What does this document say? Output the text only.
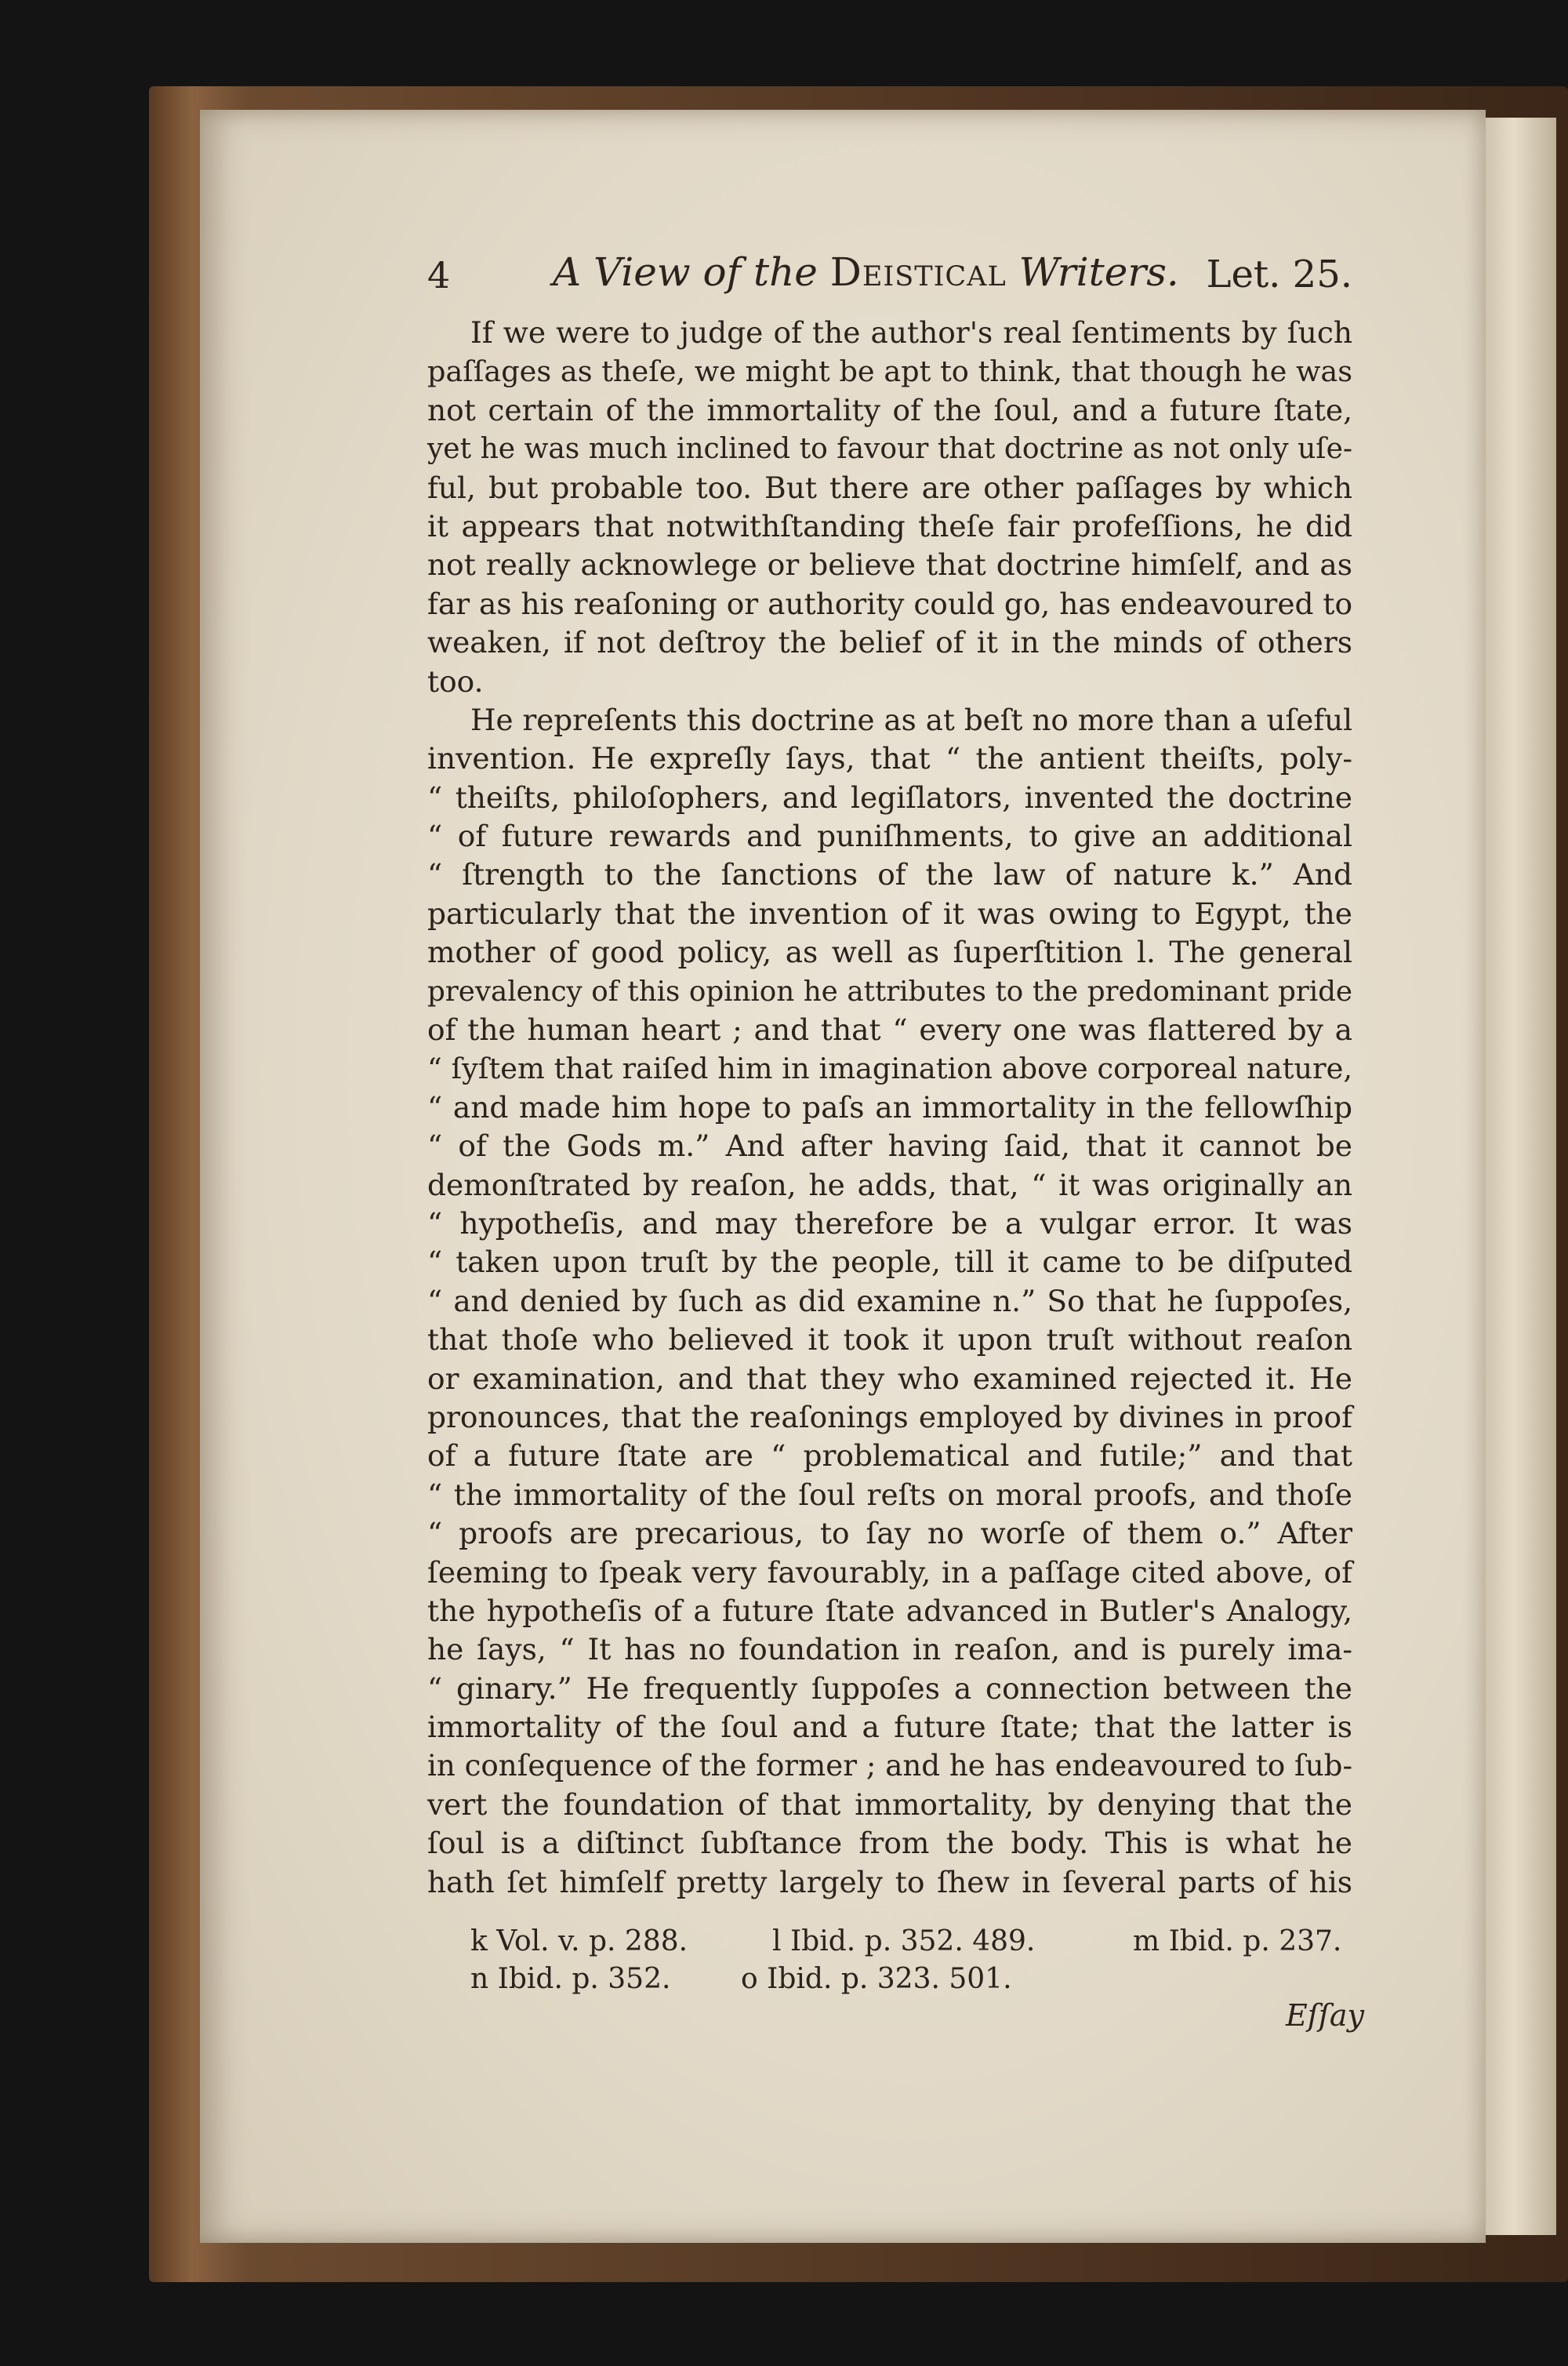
4	A View of the Deistical Writers. Let. 25.
If we were to judge of the author's real ſentiments by ſuch
paſſages as theſe, we might be apt to think, that though he was
not certain of the immortality of the ſoul, and a future ſtate,
yet he was much inclined to favour that doctrine as not only uſe-
ful, but probable too. But there are other paſſages by which
it appears that notwithſtanding theſe fair profeſſions, he did
not really acknowlege or believe that doctrine himſelf, and as
far as his reaſoning or authority could go, has endeavoured to
weaken, if not deſtroy the belief of it in the minds of others
too.
He repreſents this doctrine as at beſt no more than a uſeful
invention. He expreſly ſays, that “ the antient theiſts, poly-
“ theiſts, philoſophers, and legiſlators, invented the doctrine
“ of future rewards and puniſhments, to give an additional
“ ſtrength to the ſanctions of the law of nature k.” And
particularly that the invention of it was owing to Egypt, the
mother of good policy, as well as ſuperſtition l. The general
prevalency of this opinion he attributes to the predominant pride
of the human heart ; and that “ every one was flattered by a
“ ſyſtem that raiſed him in imagination above corporeal nature,
“ and made him hope to paſs an immortality in the fellowſhip
“ of the Gods m.” And after having ſaid, that it cannot be
demonſtrated by reaſon, he adds, that, “ it was originally an
“ hypotheſis, and may therefore be a vulgar error. It was
“ taken upon truſt by the people, till it came to be diſputed
“ and denied by ſuch as did examine n.” So that he ſuppoſes,
that thoſe who believed it took it upon truſt without reaſon
or examination, and that they who examined rejected it. He
pronounces, that the reaſonings employed by divines in proof
of a future ſtate are “ problematical and futile;” and that
“ the immortality of the ſoul reſts on moral proofs, and thoſe
“ proofs are precarious, to ſay no worſe of them o.” After
ſeeming to ſpeak very favourably, in a paſſage cited above, of
the hypotheſis of a future ſtate advanced in Butler's Analogy,
he ſays, “ It has no foundation in reaſon, and is purely ima-
“ ginary.” He frequently ſuppoſes a connection between the
immortality of the ſoul and a future ſtate; that the latter is
in conſequence of the former ; and he has endeavoured to ſub-
vert the foundation of that immortality, by denying that the
ſoul is a diſtinct ſubſtance from the body. This is what he
hath ſet himſelf pretty largely to ſhew in ſeveral parts of his
k Vol. v. p. 288.	l Ibid. p. 352. 489.	m Ibid. p. 237.
n Ibid. p. 352. o Ibid. p. 323. 501.
Eſſay
